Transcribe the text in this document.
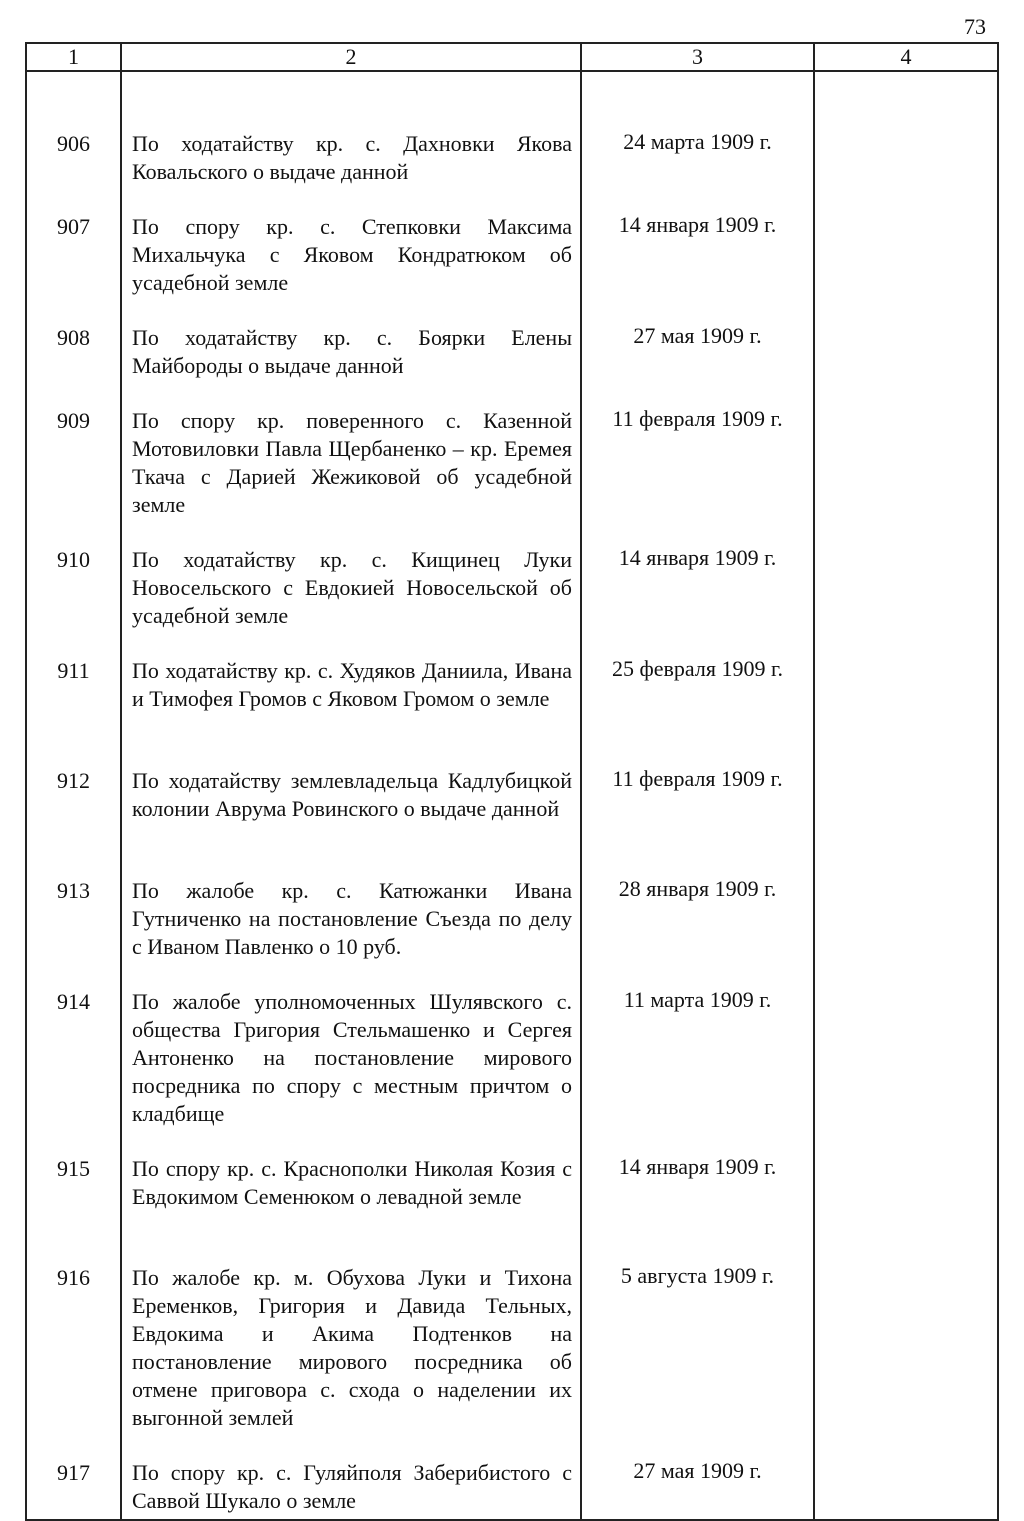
73
1	2	3	4

906	По ходатайству кр. с. Дахновки Якова Ковальского о выдаче данной	24 марта 1909 г.	

907	По спору кр. с. Степковки Максима Михальчука с Яковом Кондратюком об усадебной земле	14 января 1909 г.	

908	По ходатайству кр. с. Боярки Елены Майбороды о выдаче данной	27 мая 1909 г.	

909	По спору кр. поверенного с. Казенной Мотовиловки Павла Щербаненко – кр. Еремея Ткача с Дарией Жежиковой об усадебной земле	11 февраля 1909 г.	

910	По ходатайству кр. с. Кищинец Луки Новосельского с Евдокией Новосельской об усадебной земле	14 января 1909 г.	

911	По ходатайству кр. с. Худяков Даниила, Ивана и Тимофея Громов с Яковом Громом о земле	25 февраля 1909 г.	

912	По ходатайству землевладельца Кадлубицкой колонии Аврума Ровинского о выдаче данной	11 февраля 1909 г.	

913	По жалобе кр. с. Катюжанки Ивана Гутниченко на постановление Съезда по делу с Иваном Павленко о 10 руб.	28 января 1909 г.	

914	По жалобе уполномоченных Шулявского с. общества Григория Стельмашенко и Сергея Антоненко на постановление мирового посредника по спору с местным причтом о кладбище	11 марта 1909 г.	

915	По спору кр. с. Краснополки Николая Козия с Евдокимом Семенюком о левадной земле	14 января 1909 г.	

916	По жалобе кр. м. Обухова Луки и Тихона Еременков, Григория и Давида Тельных, Евдокима и Акима Подтенков на постановление мирового посредника об отмене приговора с. схода о наделении их выгонной землей	5 августа 1909 г.	

917	По спору кр. с. Гуляйполя Заберибистого с Саввой Шукало о земле	27 мая 1909 г.	
